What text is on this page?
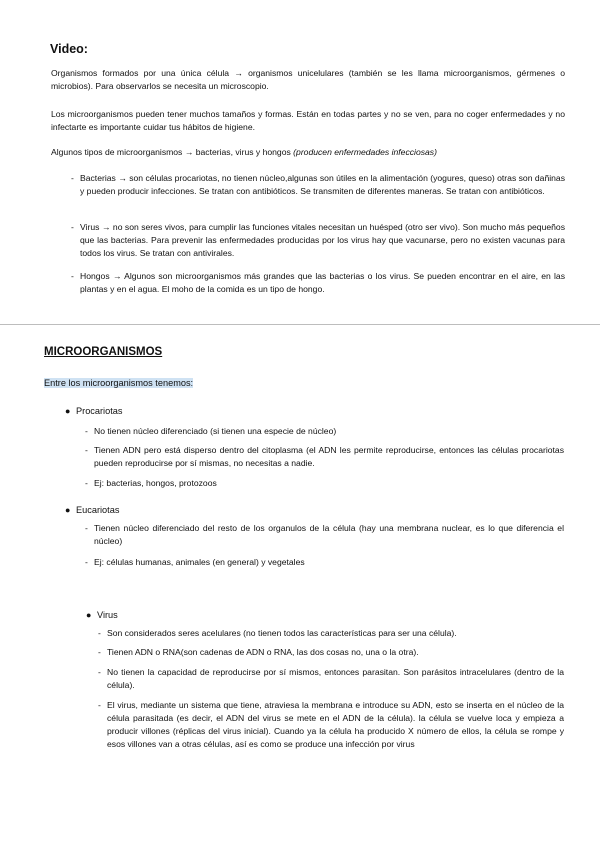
Video:
Organismos formados por una única célula → organismos unicelulares (también se les llama microorganismos, gérmenes o microbios). Para observarlos se necesita un microscopio.
Los microorganismos pueden tener muchos tamaños y formas. Están en todas partes y no se ven, para no coger enfermedades y no infectarte es importante cuidar tus hábitos de higiene.
Algunos tipos de microorganismos → bacterias, virus y hongos (producen enfermedades infecciosas)
- Bacterias → son células procariotas, no tienen núcleo,algunas son útiles en la alimentación (yogures, queso) otras son dañinas y pueden producir infecciones. Se tratan con antibióticos. Se transmiten de diferentes maneras. Se tratan con antibióticos.
- Virus → no son seres vivos, para cumplir las funciones vitales necesitan un huésped (otro ser vivo). Son mucho más pequeños que las bacterias. Para prevenir las enfermedades producidas por los virus hay que vacunarse, pero no existen vacunas para todos los virus. Se tratan con antivirales.
- Hongos → Algunos son microorganismos más grandes que las bacterias o los virus. Se pueden encontrar en el aire, en las plantas y en el agua. El moho de la comida es un tipo de hongo.
MICROORGANISMOS
Entre los microorganismos tenemos:
● Procariotas
- No tienen núcleo diferenciado (si tienen una especie de núcleo)
- Tienen ADN pero está disperso dentro del citoplasma (el ADN les permite reproducirse, entonces las células procariotas pueden reproducirse por sí mismas, no necesitas a nadie.
- Ej: bacterias, hongos, protozoos
● Eucariotas
- Tienen núcleo diferenciado del resto de los organulos de la célula (hay una membrana nuclear, es lo que diferencia el núcleo)
- Ej: células humanas, animales (en general) y vegetales
● Virus
- Son considerados seres acelulares (no tienen todos las características para ser una célula).
- Tienen ADN o RNA(son cadenas de ADN o RNA, las dos cosas no, una o la otra).
- No tienen la capacidad de reproducirse por sí mismos, entonces parasitan. Son parásitos intracelulares (dentro de la célula).
- El virus, mediante un sistema que tiene, atraviesa la membrana e introduce su ADN, esto se inserta en el núcleo de la célula parasitada (es decir, el ADN del virus se mete en el ADN de la célula). la célula se vuelve loca y empieza a producir villones (réplicas del virus inicial). Cuando ya la célula ha producido X número de ellos, la célula se rompe y esos villones van a otras células, así es como se produce una infección por virus
